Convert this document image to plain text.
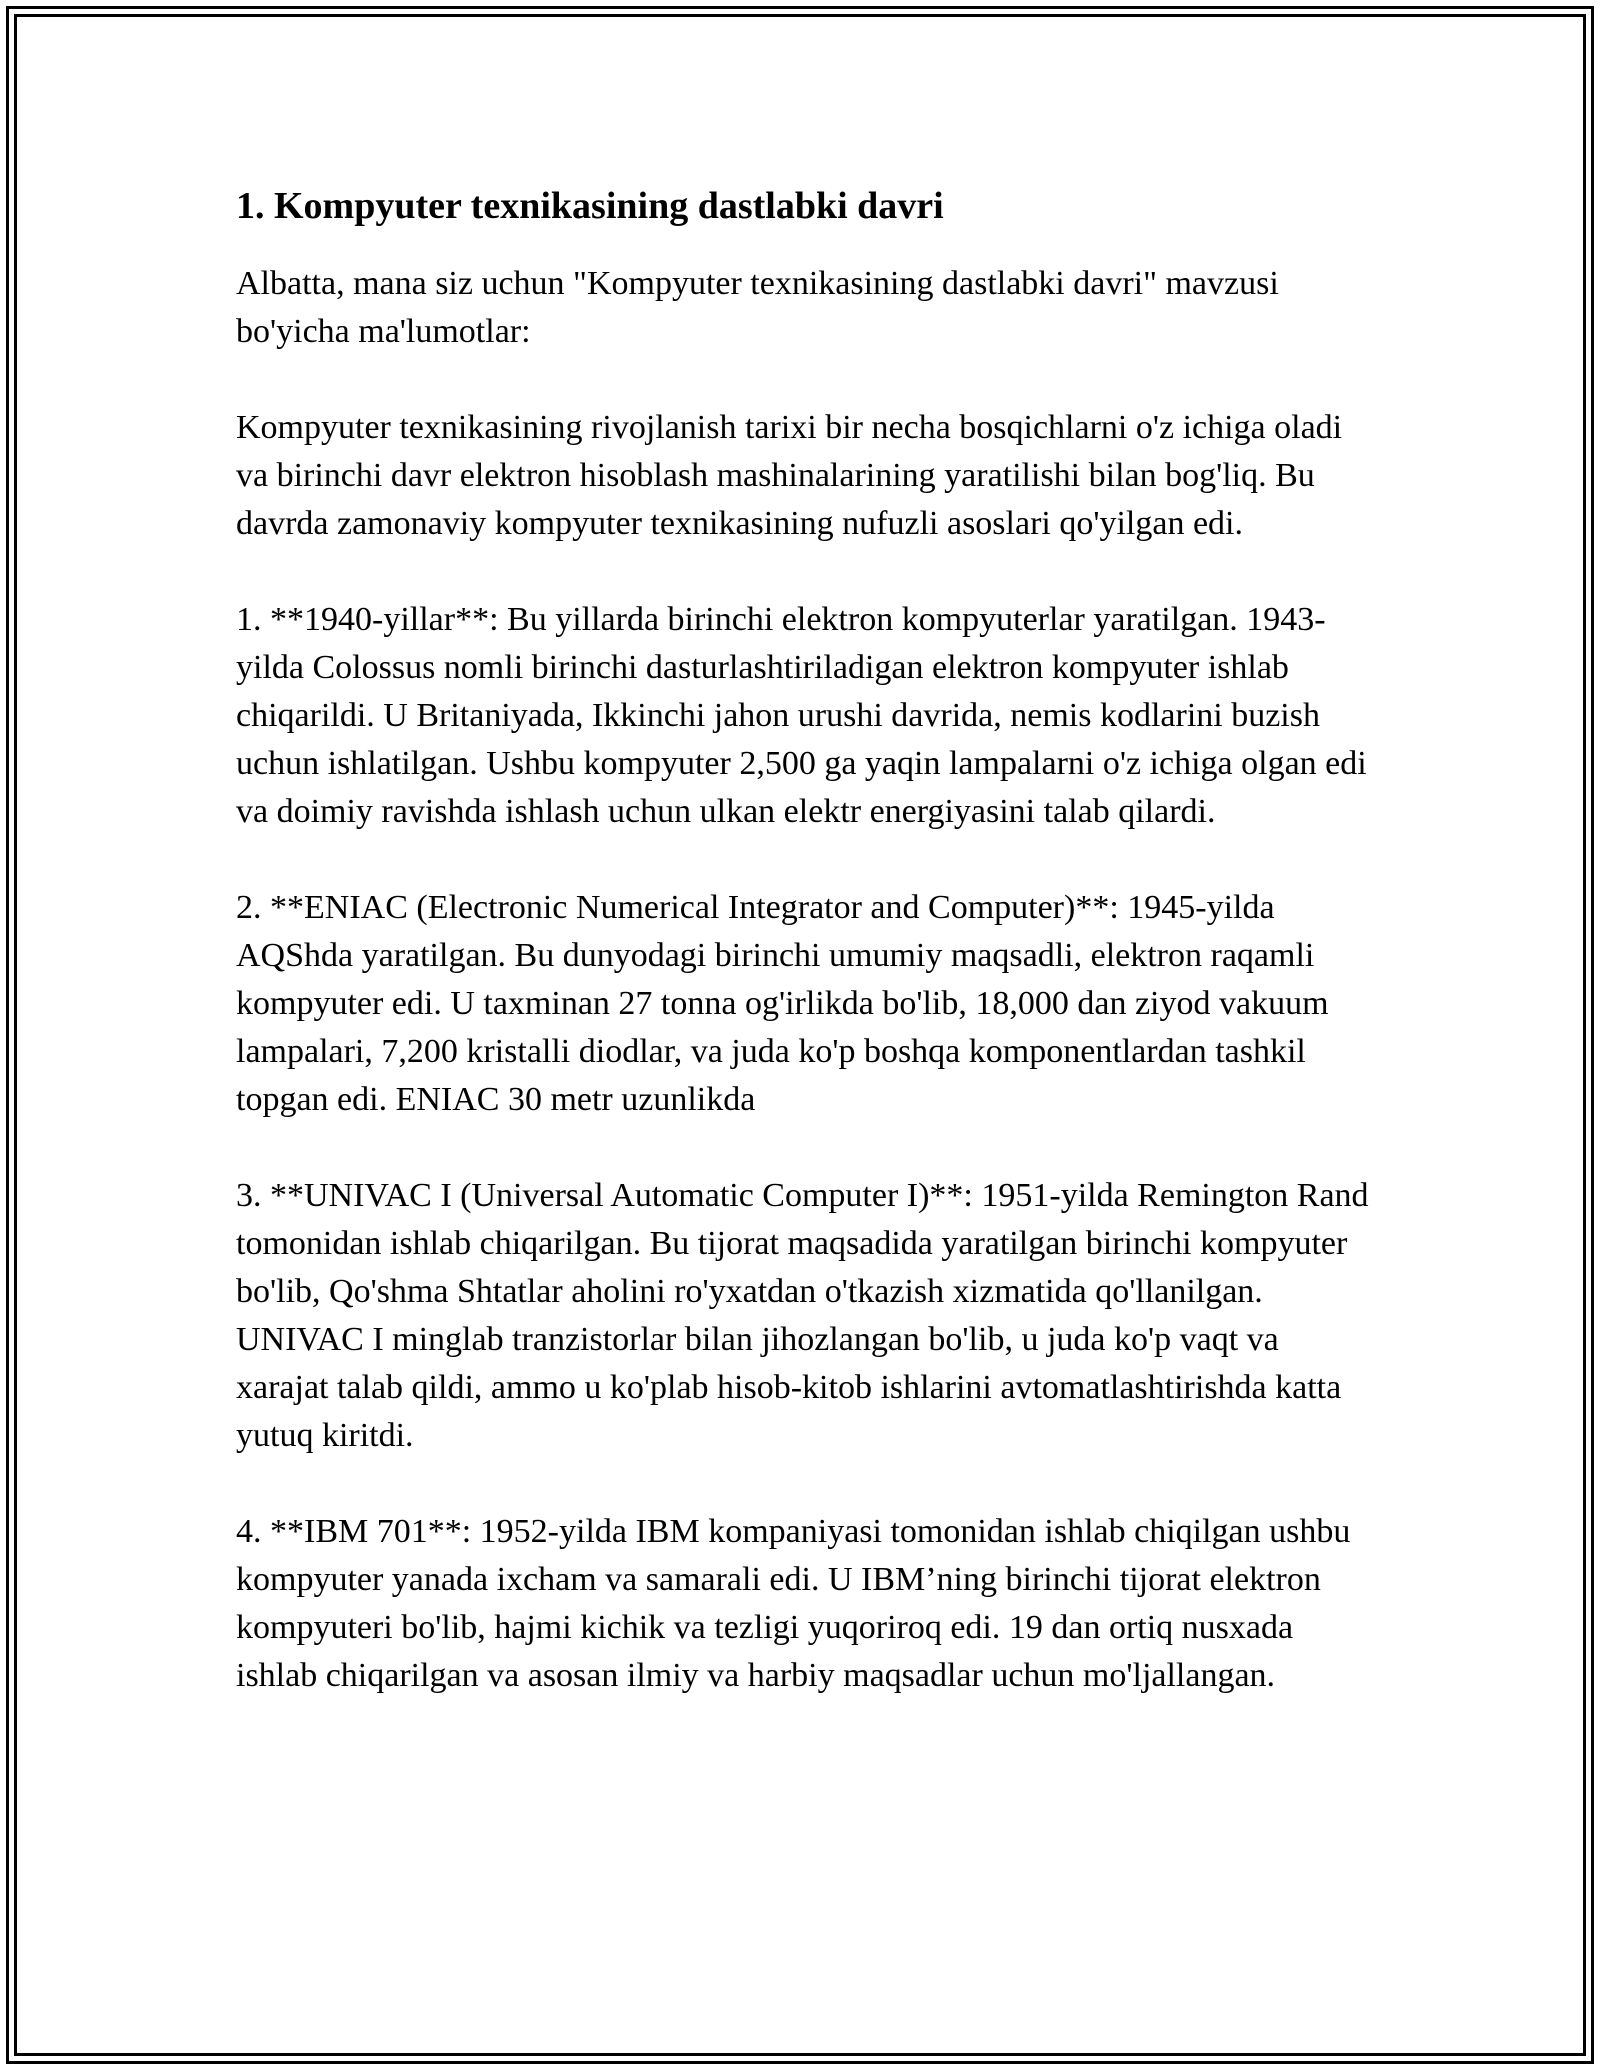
1. Kompyuter texnikasining dastlabki davri

Albatta, mana siz uchun "Kompyuter texnikasining dastlabki davri" mavzusi bo'yicha ma'lumotlar:

Kompyuter texnikasining rivojlanish tarixi bir necha bosqichlarni o'z ichiga oladi va birinchi davr elektron hisoblash mashinalarining yaratilishi bilan bog'liq. Bu davrda zamonaviy kompyuter texnikasining nufuzli asoslari qo'yilgan edi.

1. **1940-yillar**: Bu yillarda birinchi elektron kompyuterlar yaratilgan. 1943-yilda Colossus nomli birinchi dasturlashtiriladigan elektron kompyuter ishlab chiqarildi. U Britaniyada, Ikkinchi jahon urushi davrida, nemis kodlarini buzish uchun ishlatilgan. Ushbu kompyuter 2,500 ga yaqin lampalarni o'z ichiga olgan edi va doimiy ravishda ishlash uchun ulkan elektr energiyasini talab qilardi.

2. **ENIAC (Electronic Numerical Integrator and Computer)**: 1945-yilda AQShda yaratilgan. Bu dunyodagi birinchi umumiy maqsadli, elektron raqamli kompyuter edi. U taxminan 27 tonna og'irlikda bo'lib, 18,000 dan ziyod vakuum lampalari, 7,200 kristalli diodlar, va juda ko'p boshqa komponentlardan tashkil topgan edi. ENIAC 30 metr uzunlikda

3. **UNIVAC I (Universal Automatic Computer I)**: 1951-yilda Remington Rand tomonidan ishlab chiqarilgan. Bu tijorat maqsadida yaratilgan birinchi kompyuter bo'lib, Qo'shma Shtatlar aholini ro'yxatdan o'tkazish xizmatida qo'llanilgan. UNIVAC I minglab tranzistorlar bilan jihozlangan bo'lib, u juda ko'p vaqt va xarajat talab qildi, ammo u ko'plab hisob-kitob ishlarini avtomatlashtirishda katta yutuq kiritdi.

4. **IBM 701**: 1952-yilda IBM kompaniyasi tomonidan ishlab chiqilgan ushbu kompyuter yanada ixcham va samarali edi. U IBM’ning birinchi tijorat elektron kompyuteri bo'lib, hajmi kichik va tezligi yuqoriroq edi. 19 dan ortiq nusxada ishlab chiqarilgan va asosan ilmiy va harbiy maqsadlar uchun mo'ljallangan.
